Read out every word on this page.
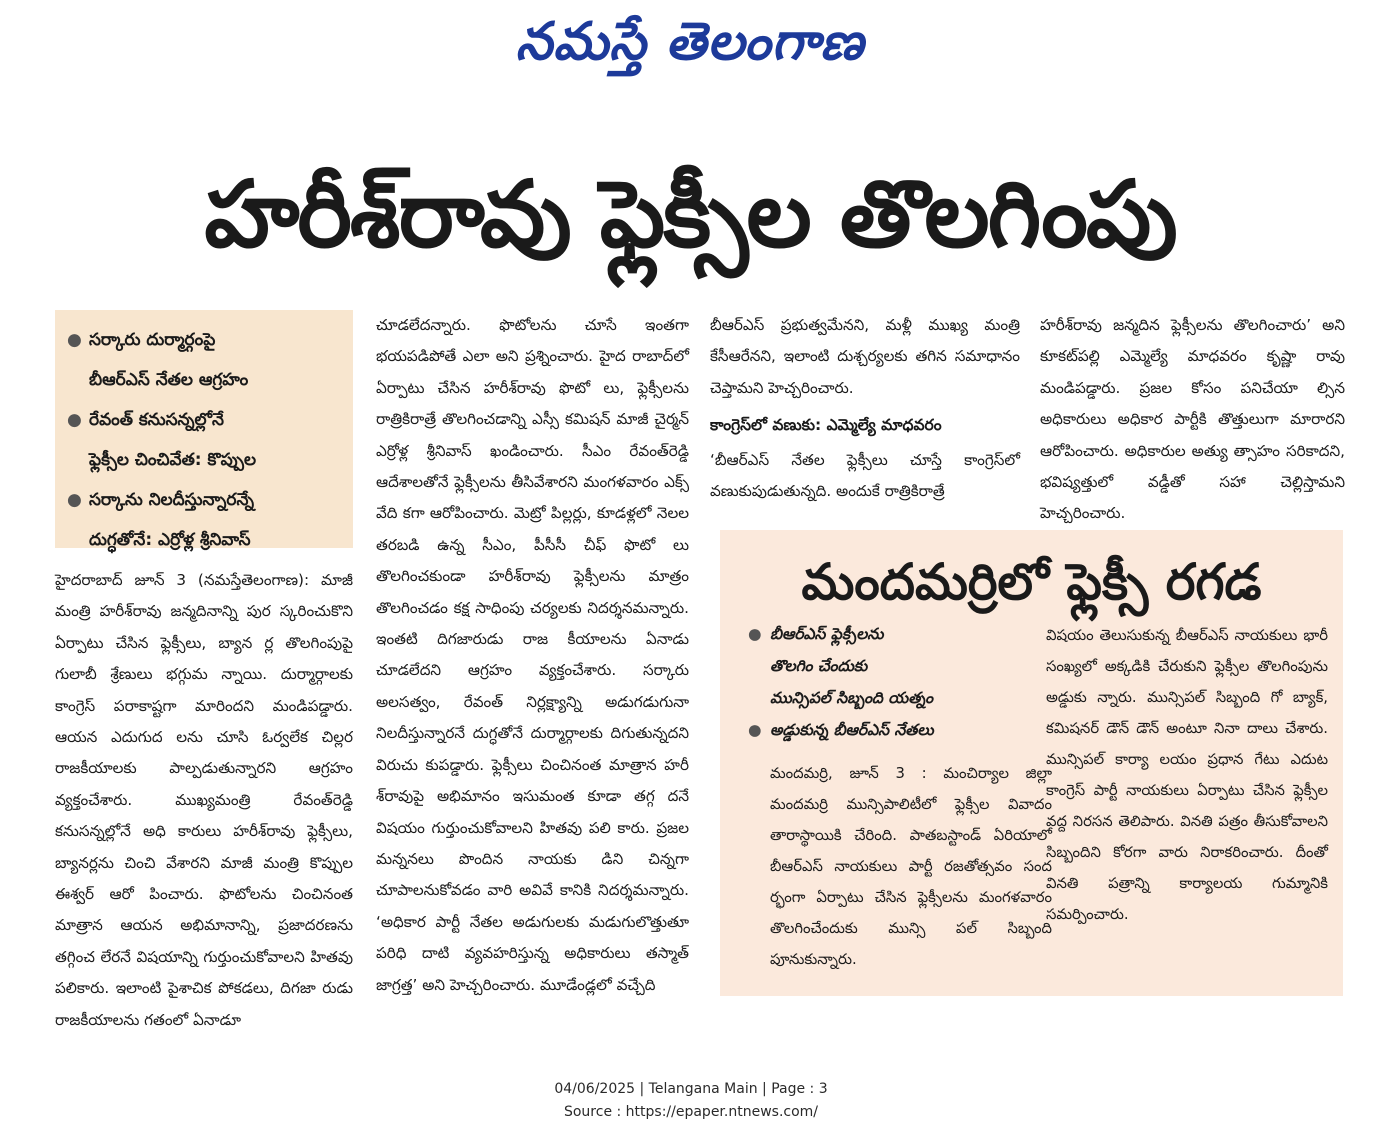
నమస్తే తెలంగాణ
హరీశ్‌రావు ఫ్లెక్సీల తొలగింపు
● సర్కారు దుర్మార్గంపై
బీఆర్ఎస్ నేతల ఆగ్రహం
● రేవంత్ కనుసన్నల్లోనే
ఫ్లెక్సీల చించివేత: కొప్పుల
● సర్కాను నిలదీస్తున్నారన్నే
దుగ్ధతోనే: ఎర్రోళ్ల శ్రీనివాస్

హైదరాబాద్ జూన్ 3 (నమస్తేతెలంగాణ): మాజీ మంత్రి హరీశ్‌రావు జన్మదినాన్ని పుర స్కరించుకొని ఏర్పాటు చేసిన ఫ్లెక్సీలు, బ్యాన ర్ల తొలగింపుపై గులాబీ శ్రేణులు భగ్గుమ న్నాయి. దుర్మార్గాలకు కాంగ్రెస్ పరాకాష్టగా మారిందని మండిపడ్డారు. ఆయన ఎదుగుద లను చూసి ఓర్వలేక చిల్లర రాజకీయాలకు పాల్పడుతున్నారని ఆగ్రహం వ్యక్తంచేశారు. ముఖ్యమంత్రి రేవంత్‌రెడ్డి కనుసన్నల్లోనే అధి కారులు హరీశ్‌రావు ఫ్లెక్సీలు, బ్యానర్లను చించి వేశారని మాజీ మంత్రి కొప్పుల ఈశ్వర్ ఆరో పించారు. ఫొటోలను చించినంత మాత్రాన ఆయన అభిమానాన్ని, ప్రజాదరణను తగ్గించ లేరనే విషయాన్ని గుర్తుంచుకోవాలని హితవు పలికారు. ఇలాంటి పైశాచిక పోకడలు, దిగజా రుడు రాజకీయాలను గతంలో ఏనాడూ

చూడలేదన్నారు. ఫొటోలను చూసే ఇంతగా భయపడిపోతే ఎలా అని ప్రశ్నించారు. హైద రాబాద్‌లో ఏర్పాటు చేసిన హరీశ్‌రావు ఫొటో లు, ఫ్లెక్సీలను రాత్రికిరాత్రే తొలగించడాన్ని ఎస్సీ కమిషన్ మాజీ చైర్మన్ ఎర్రోళ్ల శ్రీనివాస్ ఖండించారు. సీఎం రేవంత్‌రెడ్డి ఆదేశాలతోనే ఫ్లెక్సీలను తీసివేశారని మంగళవారం ఎక్స్ వేది కగా ఆరోపించారు. మెట్రో పిల్లర్లు, కూడళ్లలో నెలల తరబడి ఉన్న సీఎం, పీసీసీ చీఫ్ ఫొటో లు తొలగించకుండా హరీశ్‌రావు ఫ్లెక్సీలను మాత్రం తొలగించడం కక్ష సాధింపు చర్యలకు నిదర్శనమన్నారు. ఇంతటి దిగజారుడు రాజ కీయాలను ఏనాడు చూడలేదని ఆగ్రహం వ్యక్తంచేశారు. సర్కారు అలసత్వం, రేవంత్ నిర్లక్ష్యాన్ని అడుగడుగునా నిలదీస్తున్నారనే దుగ్ధతోనే దుర్మార్గాలకు దిగుతున్నదని విరుచు కుపడ్డారు. ఫ్లెక్సీలు చించినంత మాత్రాన హరీ శ్‌రావుపై అభిమానం ఇసుమంత కూడా తగ్గ దనే విషయం గుర్తుంచుకోవాలని హితవు పలి కారు. ప్రజల మన్ననలు పొందిన నాయకు డిని చిన్నగా చూపాలనుకోవడం వారి అవివే కానికి నిదర్శమన్నారు. ‘అధికార పార్టీ నేతల అడుగులకు మడుగులొత్తుతూ పరిధి దాటి వ్యవహరిస్తున్న అధికారులు తస్మాత్ జాగ్రత్త’ అని హెచ్చరించారు. మూడేండ్లలో వచ్చేది

బీఆర్ఎస్ ప్రభుత్వమేనని, మళ్లీ ముఖ్య మంత్రి కేసీఆరేనని, ఇలాంటి దుశ్చర్యలకు తగిన సమాధానం చెప్తామని హెచ్చరించారు.

కాంగ్రెస్‌లో వణుకు: ఎమ్మెల్యే మాధవరం

‘బీఆర్ఎస్ నేతల ఫ్లెక్సీలు చూస్తే కాంగ్రెస్‌లో వణుకుపుడుతున్నది. అందుకే రాత్రికిరాత్రే

హరీశ్‌రావు జన్మదిన ఫ్లెక్సీలను తొలగించారు’ అని కూకట్‌పల్లి ఎమ్మెల్యే మాధవరం కృష్ణా రావు మండిపడ్డారు. ప్రజల కోసం పనిచేయా ల్సిన అధికారులు అధికార పార్టీకి తొత్తులుగా మారారని ఆరోపించారు. అధికారుల అత్యు త్సాహం సరికాదని, భవిష్యత్తులో వడ్డీతో సహా చెల్లిస్తామని హెచ్చరించారు.

మందమర్రిలో ఫ్లెక్సీ రగడ
● బీఆర్ఎస్ ఫ్లెక్సీలను
తొలగిం చేందుకు
మున్సిపల్ సిబ్బంది యత్నం
● అడ్డుకున్న బీఆర్ఎస్ నేతలు

మందమర్రి, జూన్ 3 : మంచిర్యాల జిల్లా మందమర్రి మున్సిపాలిటీలో ఫ్లెక్సీల వివాదం తారాస్థాయికి చేరింది. పాతబస్టాండ్ ఏరియాలో బీఆర్ఎస్ నాయకులు పార్టీ రజతోత్సవం సంద ర్భంగా ఏర్పాటు చేసిన ఫ్లెక్సీలను మంగళవారం తొలగించేందుకు మున్సి పల్ సిబ్బంది పూనుకున్నారు.

విషయం తెలుసుకున్న బీఆర్ఎస్ నాయకులు భారీ సంఖ్యలో అక్కడికి చేరుకుని ఫ్లెక్సీల తొలగింపును అడ్డుకు న్నారు. మున్సిపల్ సిబ్బంది గో బ్యాక్, కమిషనర్ డౌన్ డౌన్ అంటూ నినా దాలు చేశారు. మున్సిపల్ కార్యా లయం ప్రధాన గేటు ఎదుట కాంగ్రెస్ పార్టీ నాయకులు ఏర్పాటు చేసిన ఫ్లెక్సీల వద్ద నిరసన తెలిపారు. వినతి పత్రం తీసుకోవాలని సిబ్బందిని కోరగా వారు నిరాకరించారు. దీంతో వినతి పత్రాన్ని కార్యాలయ గుమ్మానికి సమర్పించారు.

04/06/2025 | Telangana Main | Page : 3
Source : https://epaper.ntnews.com/
